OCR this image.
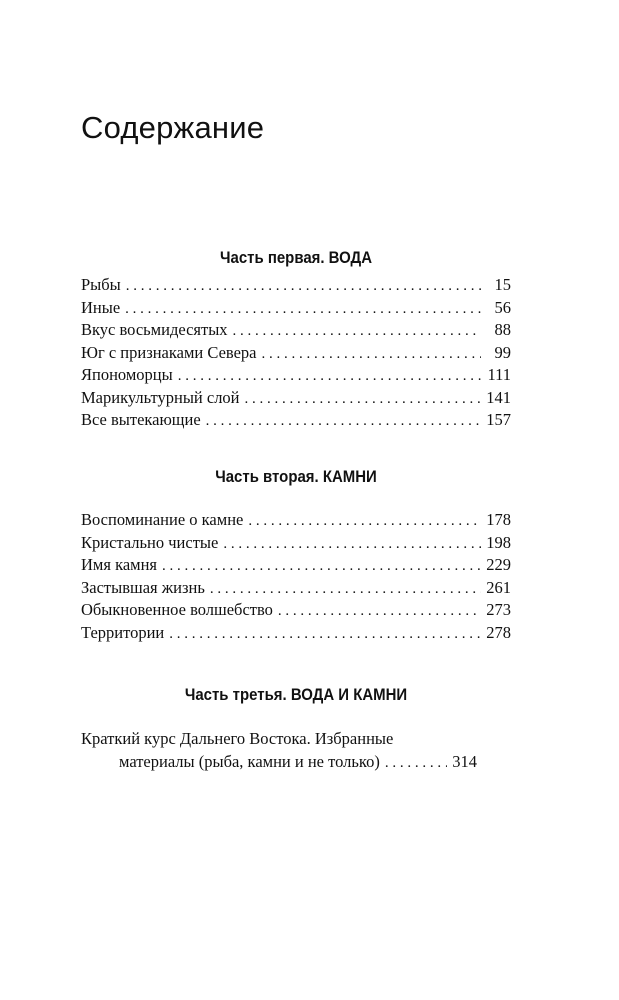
Содержание
Часть первая. ВОДА
Рыбы . . .	15
Иные . . .	56
Вкус восьмидесятых . . .	88
Юг с признаками Севера . . .	99
Япономорцы . . .	111
Марикультурный слой . . .	141
Все вытекающие . . .	157
Часть вторая. КАМНИ
Воспоминание о камне . . .	178
Кристально чистые . . .	198
Имя камня . . .	229
Застывшая жизнь . . .	261
Обыкновенное волшебство . . .	273
Территории . . .	278
Часть третья. ВОДА И КАМНИ
Краткий курс Дальнего Востока. Избранные
материалы (рыба, камни и не только) . . .	314
